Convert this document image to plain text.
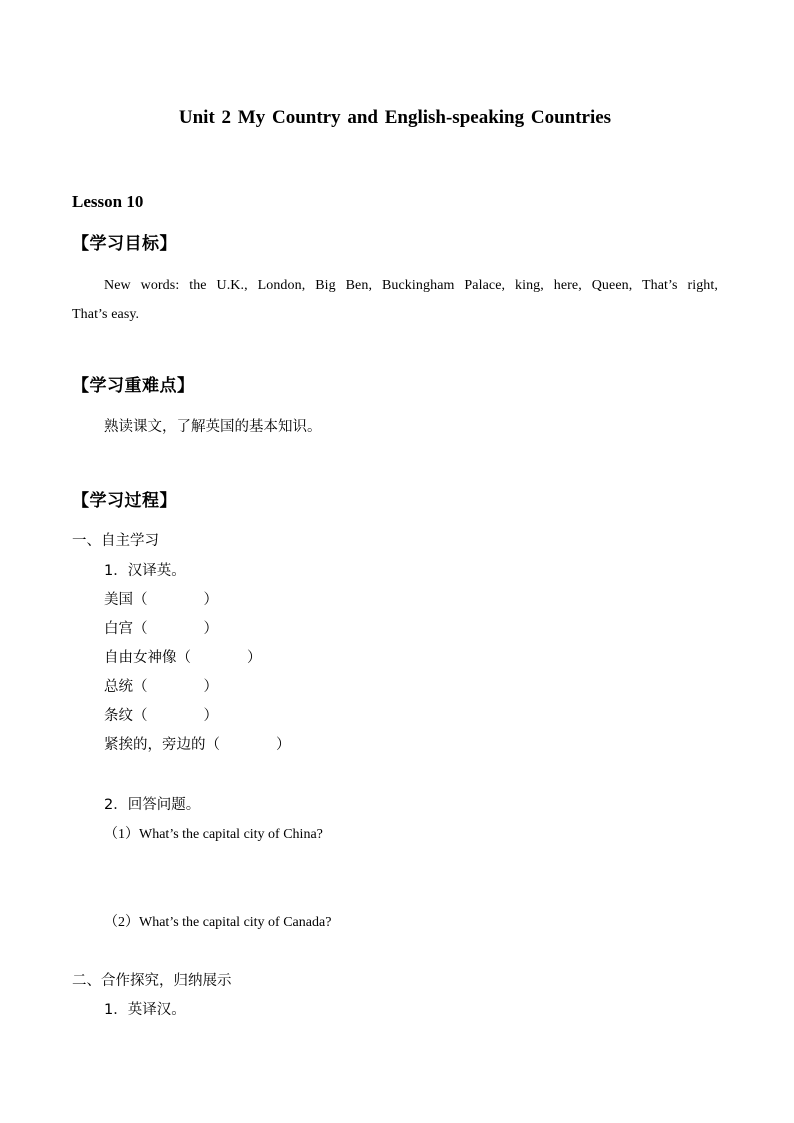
Unit 2 My Country and English-speaking Countries
Lesson 10
【学习目标】
New words: the U.K., London, Big Ben, Buckingham Palace, king, here, Queen, That’s right,
That’s easy.
【学习重难点】
熟读课文，了解英国的基本知识。
【学习过程】
一、自主学习
1．汉译英。
美国（	）
白宫（	）
自由女神像（	）
总统（	）
条纹（	）
紧挨的，旁边的（	）
2．回答问题。
（1）What’s the capital city of China?
（2）What’s the capital city of Canada?
二、合作探究，归纳展示
1．英译汉。
